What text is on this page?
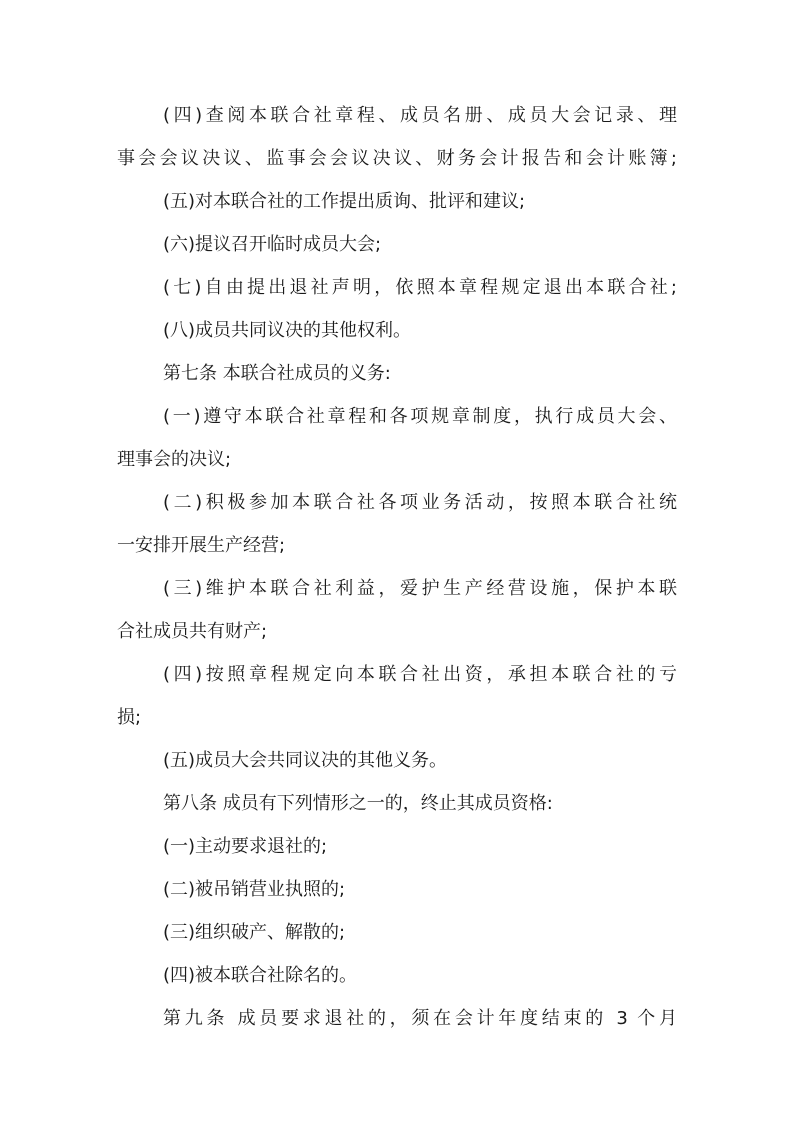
(四)查阅本联合社章程、成员名册、成员大会记录、理
事会会议决议、监事会会议决议、财务会计报告和会计账簿;
(五)对本联合社的工作提出质询、批评和建议;
(六)提议召开临时成员大会;
(七)自由提出退社声明，依照本章程规定退出本联合社;
(八)成员共同议决的其他权利。
第七条 本联合社成员的义务:
(一)遵守本联合社章程和各项规章制度，执行成员大会、
理事会的决议;
(二)积极参加本联合社各项业务活动，按照本联合社统
一安排开展生产经营;
(三)维护本联合社利益，爱护生产经营设施，保护本联
合社成员共有财产;
(四)按照章程规定向本联合社出资，承担本联合社的亏
损;
(五)成员大会共同议决的其他义务。
第八条 成员有下列情形之一的，终止其成员资格:
(一)主动要求退社的;
(二)被吊销营业执照的;
(三)组织破产、解散的;
(四)被本联合社除名的。
第九条 成员要求退社的，须在会计年度结束的 3 个月
